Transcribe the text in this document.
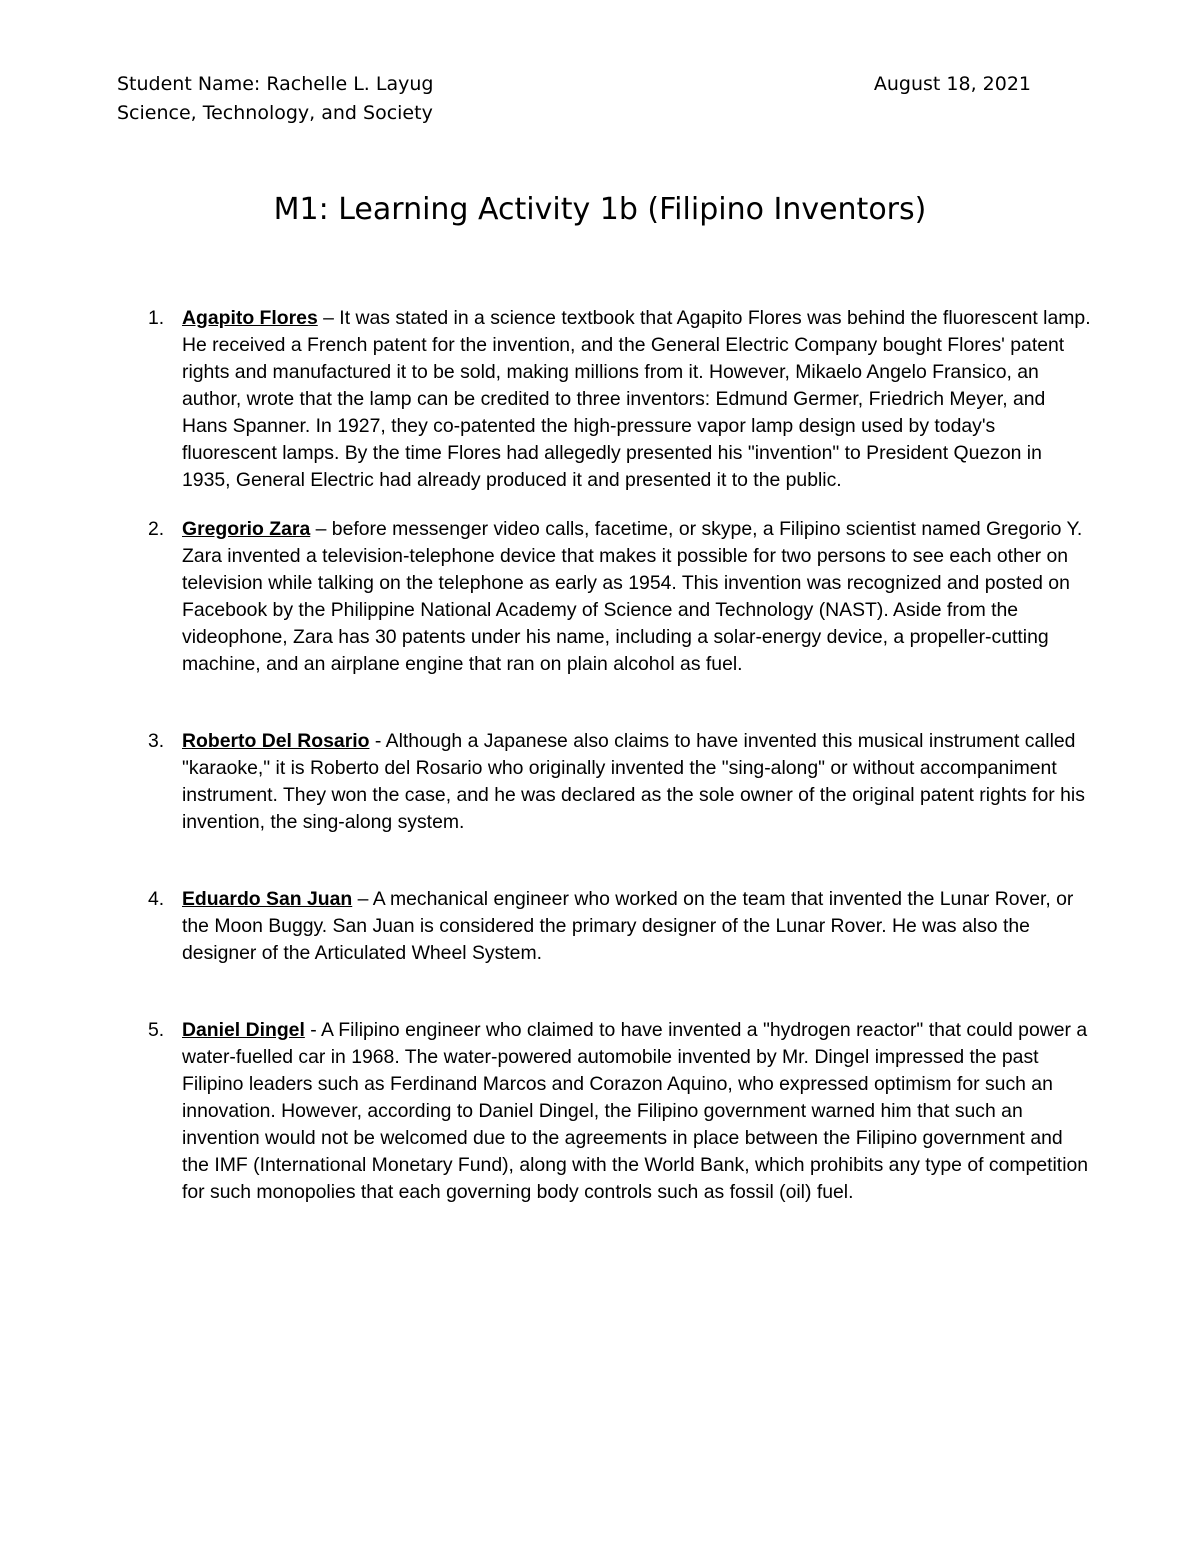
Student Name: Rachelle L. Layug	August 18, 2021
Science, Technology, and Society
M1: Learning Activity 1b (Filipino Inventors)
1. Agapito Flores – It was stated in a science textbook that Agapito Flores was behind the fluorescent lamp. He received a French patent for the invention, and the General Electric Company bought Flores' patent rights and manufactured it to be sold, making millions from it. However, Mikaelo Angelo Fransico, an author, wrote that the lamp can be credited to three inventors: Edmund Germer, Friedrich Meyer, and Hans Spanner. In 1927, they co-patented the high-pressure vapor lamp design used by today's fluorescent lamps. By the time Flores had allegedly presented his "invention" to President Quezon in 1935, General Electric had already produced it and presented it to the public.
2. Gregorio Zara – before messenger video calls, facetime, or skype, a Filipino scientist named Gregorio Y. Zara invented a television-telephone device that makes it possible for two persons to see each other on television while talking on the telephone as early as 1954. This invention was recognized and posted on Facebook by the Philippine National Academy of Science and Technology (NAST). Aside from the videophone, Zara has 30 patents under his name, including a solar-energy device, a propeller-cutting machine, and an airplane engine that ran on plain alcohol as fuel.
3. Roberto Del Rosario - Although a Japanese also claims to have invented this musical instrument called "karaoke," it is Roberto del Rosario who originally invented the "sing-along" or without accompaniment instrument. They won the case, and he was declared as the sole owner of the original patent rights for his invention, the sing-along system.
4. Eduardo San Juan – A mechanical engineer who worked on the team that invented the Lunar Rover, or the Moon Buggy. San Juan is considered the primary designer of the Lunar Rover. He was also the designer of the Articulated Wheel System.
5. Daniel Dingel - A Filipino engineer who claimed to have invented a "hydrogen reactor" that could power a water-fuelled car in 1968. The water-powered automobile invented by Mr. Dingel impressed the past Filipino leaders such as Ferdinand Marcos and Corazon Aquino, who expressed optimism for such an innovation. However, according to Daniel Dingel, the Filipino government warned him that such an invention would not be welcomed due to the agreements in place between the Filipino government and the IMF (International Monetary Fund), along with the World Bank, which prohibits any type of competition for such monopolies that each governing body controls such as fossil (oil) fuel.
